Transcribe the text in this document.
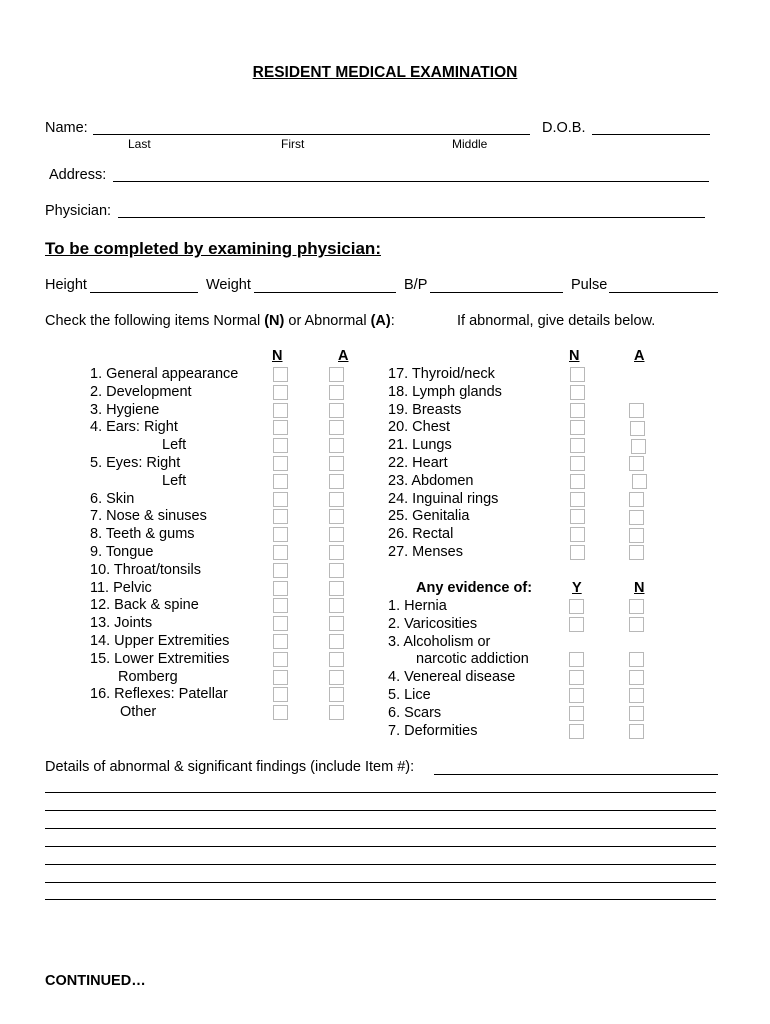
RESIDENT MEDICAL EXAMINATION
Name:	D.O.B.
Last	First	Middle
Address:
Physician:
To be completed by examining physician:
Height	Weight	B/P	Pulse
Check the following items Normal (N) or Abnormal (A):	If abnormal, give details below.
N	A	N	A
1. General appearance
2. Development
3. Hygiene
4. Ears: Right
Left
5. Eyes: Right
Left
6. Skin
7. Nose & sinuses
8. Teeth & gums
9. Tongue
10. Throat/tonsils
11. Pelvic
12. Back & spine
13. Joints
14. Upper Extremities
15. Lower Extremities
Romberg
16. Reflexes: Patellar
Other
17. Thyroid/neck
18. Lymph glands
19. Breasts
20. Chest
21. Lungs
22. Heart
23. Abdomen
24. Inguinal rings
25. Genitalia
26. Rectal
27. Menses
Any evidence of:	Y	N
1. Hernia
2. Varicosities
3. Alcoholism or
narcotic addiction
4. Venereal disease
5. Lice
6. Scars
7. Deformities
Details of abnormal & significant findings (include Item #):
CONTINUED…
